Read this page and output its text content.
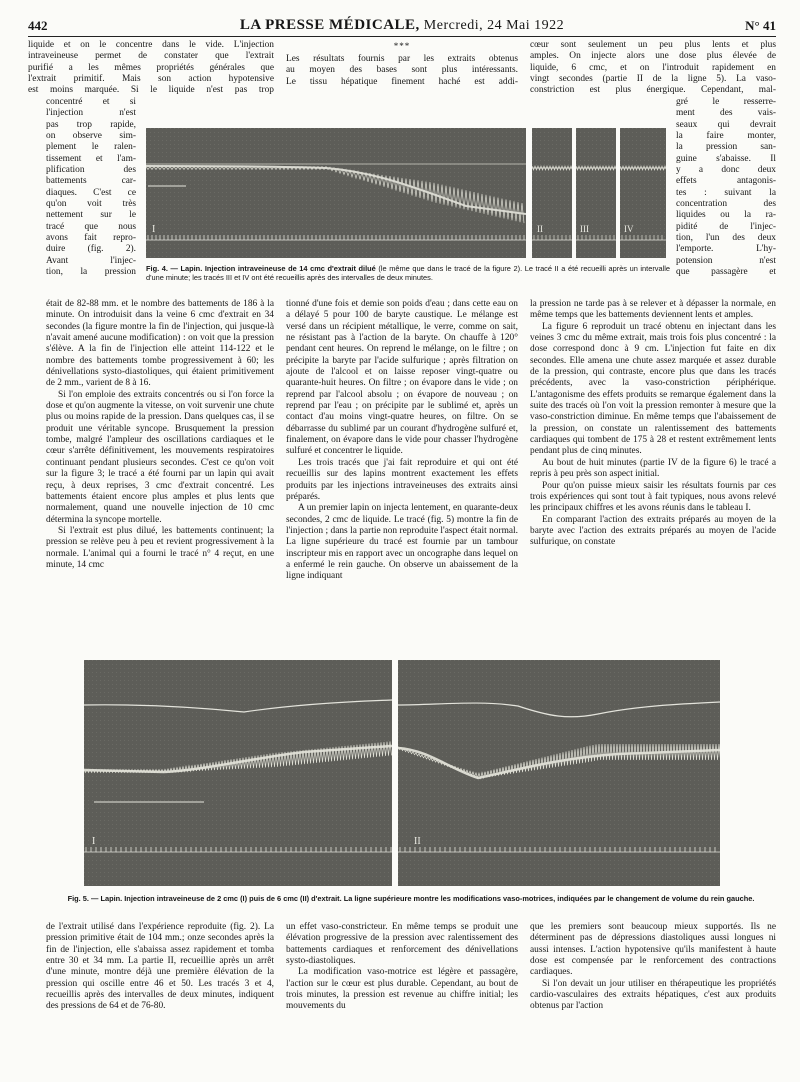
442	LA PRESSE MÉDICALE, Mercredi, 24 Mai 1922	N° 41
liquide et on le concentre dans le vide. L'injection
intraveineuse permet de constater que l'extrait
purifié a les mêmes propriétés générales que
l'extrait primitif. Mais son action hypotensive
est moins marquée. Si le liquide n'est pas trop
concentré et si
l'injection n'est
pas trop rapide,
on observe sim-
plement le ralen-
tissement et l'am-
plification des
battements car-
diaques. C'est ce
qu'on voit très
nettement sur le
tracé que nous
avons fait repro-
duire (fig. 2).
Avant l'injec-
tion, la pression
***
Les résultats fournis par les extraits obtenus
au moyen des bases sont plus intéressants.
Le tissu hépatique finement haché est addi-
cœur sont seulement un peu plus lents et plus
amples. On injecte alors une dose plus élevée de
liquide, 6 cmc, et on l'introduit rapidement en
vingt secondes (partie II de la ligne 5). La vaso-
constriction est plus énergique. Cependant, mal-
gré le resserre-
ment des vais-
seaux qui devrait
la faire monter,
la pression san-
guine s'abaisse. Il
y a donc deux
effets antagonis-
tes : suivant la
concentration des
liquides ou la ra-
pidité de l'injec-
tion, l'un des deux
l'emporte. L'hy-
potension n'est
que passagère et
I	II	III	IV
Fig. 4. — Lapin. Injection intraveineuse de 14 cmc d'extrait dilué (le même que dans le tracé de la figure 2). Le tracé II a été recueilli après un intervalle d'une minute; les tracés III et IV ont été recueillis après des intervalles de deux minutes.

était de 82-88 mm. et le nombre des battements de 186 à la minute. On introduisit dans la veine 6 cmc d'extrait en 34 secondes (la figure montre la fin de l'injection, qui jusque-là n'avait amené aucune modification) : on voit que la pression s'élève. A la fin de l'injection elle atteint 114-122 et le nombre des battements tombe progressivement à 60; les dénivellations systo-diastoliques, qui étaient primitivement de 2 mm., varient de 8 à 16.

Si l'on emploie des extraits concentrés ou si l'on force la dose et qu'on augmente la vitesse, on voit survenir une chute plus ou moins rapide de la pression. Dans quelques cas, il se produit une véritable syncope. Brusquement la pression tombe, malgré l'ampleur des oscillations cardiaques et le cœur s'arrête définitivement, les mouvements respiratoires continuant pendant plusieurs secondes. C'est ce qu'on voit sur la figure 3; le tracé a été fourni par un lapin qui avait reçu, à deux reprises, 3 cmc d'extrait concentré. Les battements étaient encore plus amples et plus lents que normalement, quand une nouvelle injection de 10 cmc détermina la syncope mortelle.

Si l'extrait est plus dilué, les battements continuent; la pression se relève peu à peu et revient progressivement à la normale. L'animal qui a fourni le tracé n° 4 reçut, en une minute, 14 cmc

tionné d'une fois et demie son poids d'eau ; dans cette eau on a délayé 5 pour 100 de baryte caustique. Le mélange est versé dans un récipient métallique, le verre, comme on sait, ne résistant pas à l'action de la baryte. On chauffe à 120° pendant cent heures. On reprend le mélange, on le filtre ; on précipite la baryte par l'acide sulfurique ; après filtration on ajoute de l'alcool et on laisse reposer vingt-quatre ou quarante-huit heures. On filtre ; on évapore dans le vide ; on reprend par l'alcool absolu ; on évapore de nouveau ; on reprend par l'eau ; on précipite par le sublimé et, après un contact d'au moins vingt-quatre heures, on filtre. On se débarrasse du sublimé par un courant d'hydrogène sulfuré et, finalement, on évapore dans le vide pour chasser l'hydrogène sulfuré et concentrer le liquide.

Les trois tracés que j'ai fait reproduire et qui ont été recueillis sur des lapins montrent exactement les effets produits par les injections intraveineuses des extraits ainsi préparés.

A un premier lapin on injecta lentement, en quarante-deux secondes, 2 cmc de liquide. Le tracé (fig. 5) montre la fin de l'injection ; dans la partie non reproduite l'aspect était normal. La ligne supérieure du tracé est fournie par un tambour inscripteur mis en rapport avec un oncographe dans lequel on a enfermé le rein gauche. On observe un abaissement de la ligne indiquant

la pression ne tarde pas à se relever et à dépasser la normale, en même temps que les battements deviennent lents et amples.

La figure 6 reproduit un tracé obtenu en injectant dans les veines 3 cmc du même extrait, mais trois fois plus concentré : la dose correspond donc à 9 cm. L'injection fut faite en dix secondes. Elle amena une chute assez marquée et assez durable de la pression, qui contraste, encore plus que dans les tracés précédents, avec la vaso-constriction périphérique. L'antagonisme des effets produits se remarque également dans la suite des tracés où l'on voit la pression remonter à mesure que la vaso-constriction diminue. En même temps que l'abaissement de la pression, on constate un ralentissement des battements cardiaques qui tombent de 175 à 28 et restent extrêmement lents pendant plus de cinq minutes.

Au bout de huit minutes (partie IV de la figure 6) le tracé a repris à peu près son aspect initial.

Pour qu'on puisse mieux saisir les résultats fournis par ces trois expériences qui sont tout à fait typiques, nous avons relevé les principaux chiffres et les avons réunis dans le tableau I.

En comparant l'action des extraits préparés au moyen de la baryte avec l'action des extraits préparés au moyen de l'acide sulfurique, on constate

I	II
Fig. 5. — Lapin. Injection intraveineuse de 2 cmc (I) puis de 6 cmc (II) d'extrait. La ligne supérieure montre les modifications vaso-motrices, indiquées par le changement de volume du rein gauche.

de l'extrait utilisé dans l'expérience reproduite (fig. 2). La pression primitive était de 104 mm.; onze secondes après la fin de l'injection, elle s'abaissa assez rapidement et tomba entre 30 et 34 mm. La partie II, recueillie après un arrêt d'une minute, montre déjà une première élévation de la pression qui oscille entre 46 et 50. Les tracés 3 et 4, recueillis après des intervalles de deux minutes, indiquent des pressions de 64 et de 76-80.

un effet vaso-constricteur. En même temps se produit une élévation progressive de la pression avec ralentissement des battements cardiaques et renforcement des dénivellations systo-diastoliques.

La modification vaso-motrice est légère et passagère, l'action sur le cœur est plus durable. Cependant, au bout de trois minutes, la pression est revenue au chiffre initial; les mouvements du

que les premiers sont beaucoup mieux supportés. Ils ne déterminent pas de dépressions diastoliques aussi longues ni aussi intenses. L'action hypotensive qu'ils manifestent à haute dose est compensée par le renforcement des contractions cardiaques.

Si l'on devait un jour utiliser en thérapeutique les propriétés cardio-vasculaires des extraits hépatiques, c'est aux produits obtenus par l'action
